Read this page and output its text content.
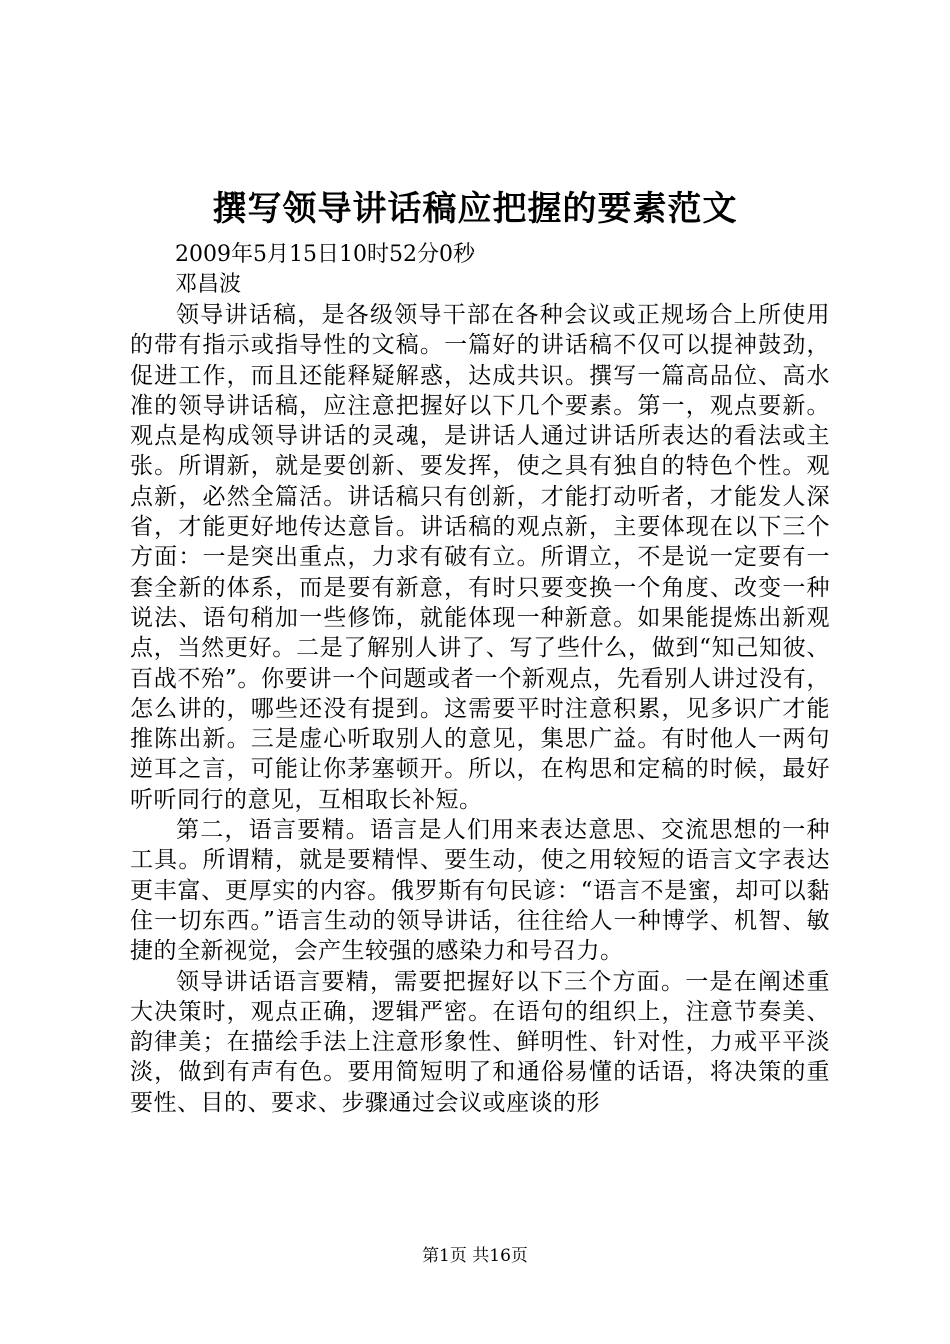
撰写领导讲话稿应把握的要素范文
2009年5月15日10时52分0秒
邓昌波

领导讲话稿，是各级领导干部在各种会议或正规场合上所使用的带有指示或指导性的文稿。一篇好的讲话稿不仅可以提神鼓劲，促进工作，而且还能释疑解惑，达成共识。撰写一篇高品位、高水准的领导讲话稿，应注意把握好以下几个要素。第一，观点要新。观点是构成领导讲话的灵魂，是讲话人通过讲话所表达的看法或主张。所谓新，就是要创新、要发挥，使之具有独自的特色个性。观点新，必然全篇活。讲话稿只有创新，才能打动听者，才能发人深省，才能更好地传达意旨。讲话稿的观点新，主要体现在以下三个方面：一是突出重点，力求有破有立。所谓立，不是说一定要有一套全新的体系，而是要有新意，有时只要变换一个角度、改变一种说法、语句稍加一些修饰，就能体现一种新意。如果能提炼出新观点，当然更好。二是了解别人讲了、写了些什么，做到“知己知彼、百战不殆”。你要讲一个问题或者一个新观点，先看别人讲过没有，怎么讲的，哪些还没有提到。这需要平时注意积累，见多识广才能推陈出新。三是虚心听取别人的意见，集思广益。有时他人一两句逆耳之言，可能让你茅塞顿开。所以，在构思和定稿的时候，最好听听同行的意见，互相取长补短。

第二，语言要精。语言是人们用来表达意思、交流思想的一种工具。所谓精，就是要精悍、要生动，使之用较短的语言文字表达更丰富、更厚实的内容。俄罗斯有句民谚：“语言不是蜜，却可以黏住一切东西。”语言生动的领导讲话，往往给人一种博学、机智、敏捷的全新视觉，会产生较强的感染力和号召力。

领导讲话语言要精，需要把握好以下三个方面。一是在阐述重大决策时，观点正确，逻辑严密。在语句的组织上，注意节奏美、韵律美；在描绘手法上注意形象性、鲜明性、针对性，力戒平平淡淡，做到有声有色。要用简短明了和通俗易懂的话语，将决策的重要性、目的、要求、步骤通过会议或座谈的形

第1页 共16页
